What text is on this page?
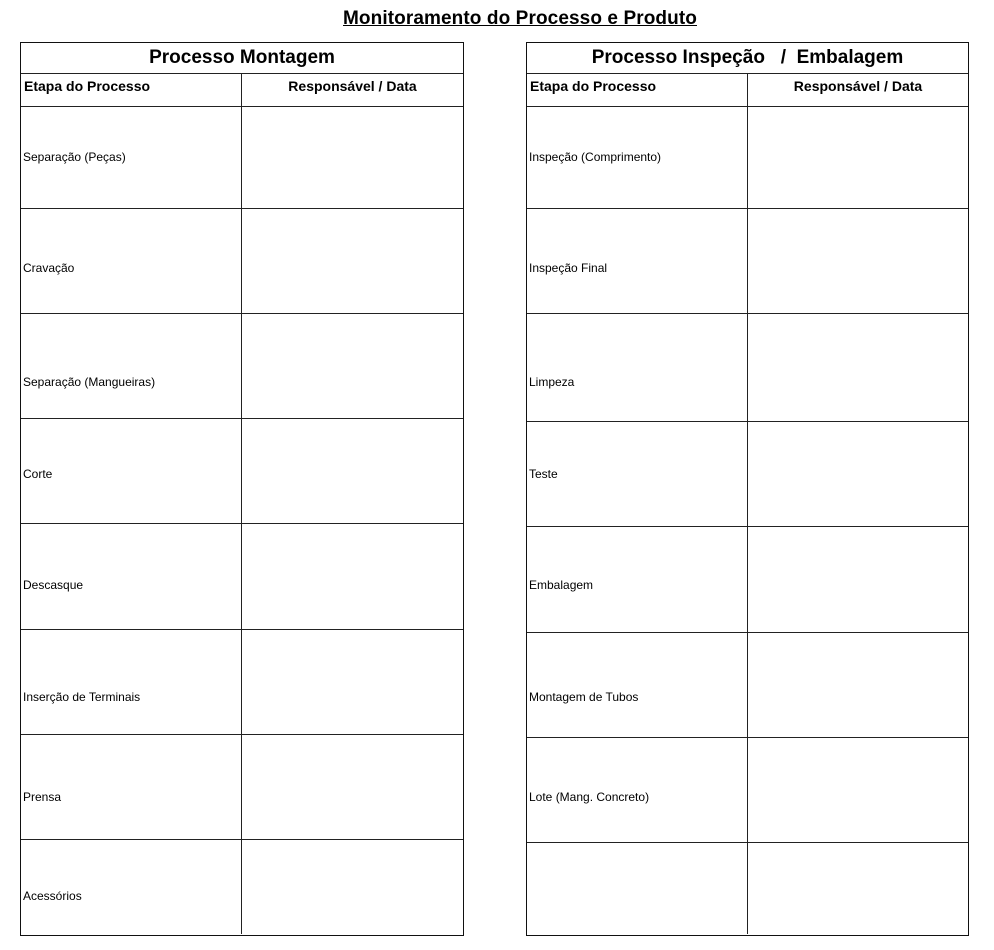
Monitoramento do Processo e Produto
Processo Montagem
Etapa do Processo	Responsável / Data
Separação (Peças)
Cravação
Separação (Mangueiras)
Corte
Descasque
Inserção de Terminais
Prensa
Acessórios
Processo Inspeção   /  Embalagem
Etapa do Processo	Responsável / Data
Inspeção (Comprimento)
Inspeção Final
Limpeza
Teste
Embalagem
Montagem de Tubos
Lote (Mang. Concreto)
